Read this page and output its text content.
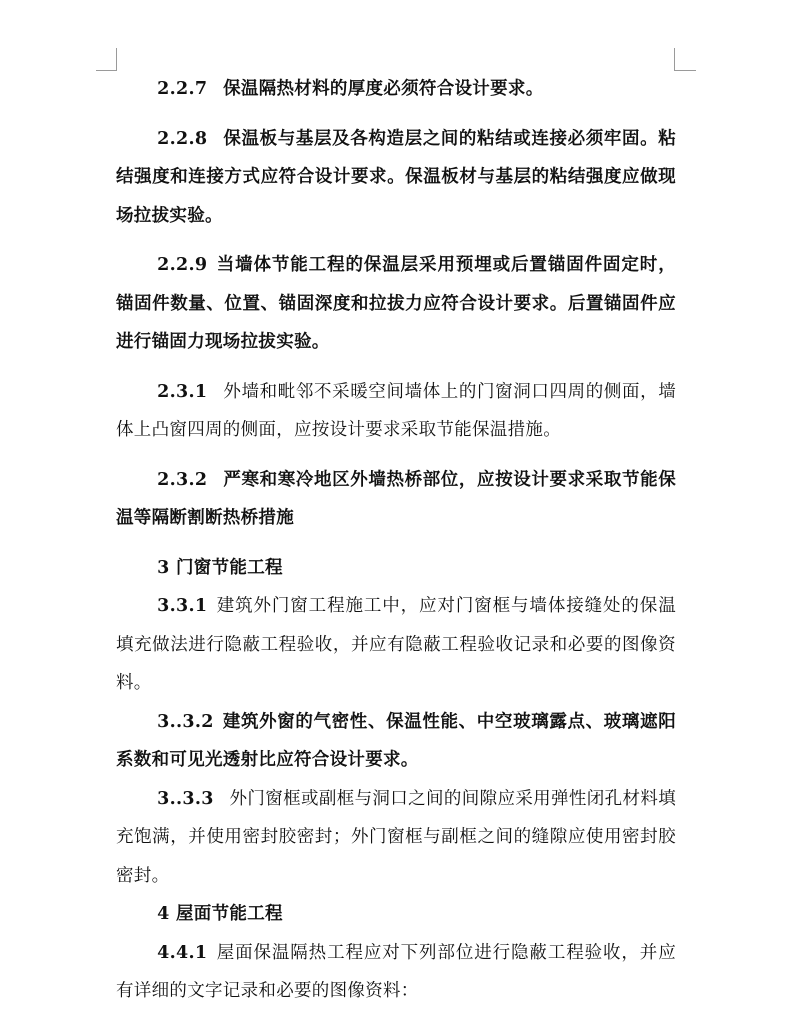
2.2.7 保温隔热材料的厚度必须符合设计要求。

2.2.8 保温板与基层及各构造层之间的粘结或连接必须牢固。粘结强度和连接方式应符合设计要求。保温板材与基层的粘结强度应做现场拉拔实验。

2.2.9 当墙体节能工程的保温层采用预埋或后置锚固件固定时，锚固件数量、位置、锚固深度和拉拔力应符合设计要求。后置锚固件应进行锚固力现场拉拔实验。

2.3.1 外墙和毗邻不采暖空间墙体上的门窗洞口四周的侧面，墙体上凸窗四周的侧面，应按设计要求采取节能保温措施。

2.3.2 严寒和寒冷地区外墙热桥部位，应按设计要求采取节能保温等隔断割断热桥措施

3 门窗节能工程

3.3.1 建筑外门窗工程施工中，应对门窗框与墙体接缝处的保温填充做法进行隐蔽工程验收，并应有隐蔽工程验收记录和必要的图像资料。

3..3.2 建筑外窗的气密性、保温性能、中空玻璃露点、玻璃遮阳系数和可见光透射比应符合设计要求。

3..3.3 外门窗框或副框与洞口之间的间隙应采用弹性闭孔材料填充饱满，并使用密封胶密封；外门窗框与副框之间的缝隙应使用密封胶密封。

4 屋面节能工程

4.4.1 屋面保温隔热工程应对下列部位进行隐蔽工程验收，并应有详细的文字记录和必要的图像资料：
